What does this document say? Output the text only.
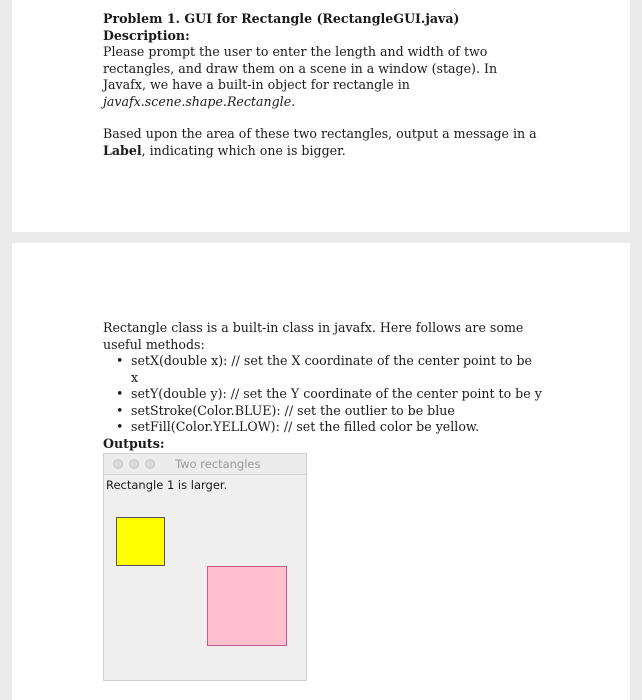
Problem 1. GUI for Rectangle (RectangleGUI.java)

Description:

Please prompt the user to enter the length and width of two rectangles, and draw them on a scene in a window (stage). In Javafx, we have a built-in object for rectangle in javafx.scene.shape.Rectangle.

Based upon the area of these two rectangles, output a message in a Label, indicating which one is bigger.

Rectangle class is a built-in class in javafx. Here follows are some useful methods:

• setX(double x): // set the X coordinate of the center point to be x
• setY(double y): // set the Y coordinate of the center point to be y
• setStroke(Color.BLUE): // set the outlier to be blue
• setFill(Color.YELLOW): // set the filled color be yellow.
Outputs:
Two rectangles
Rectangle 1 is larger.
